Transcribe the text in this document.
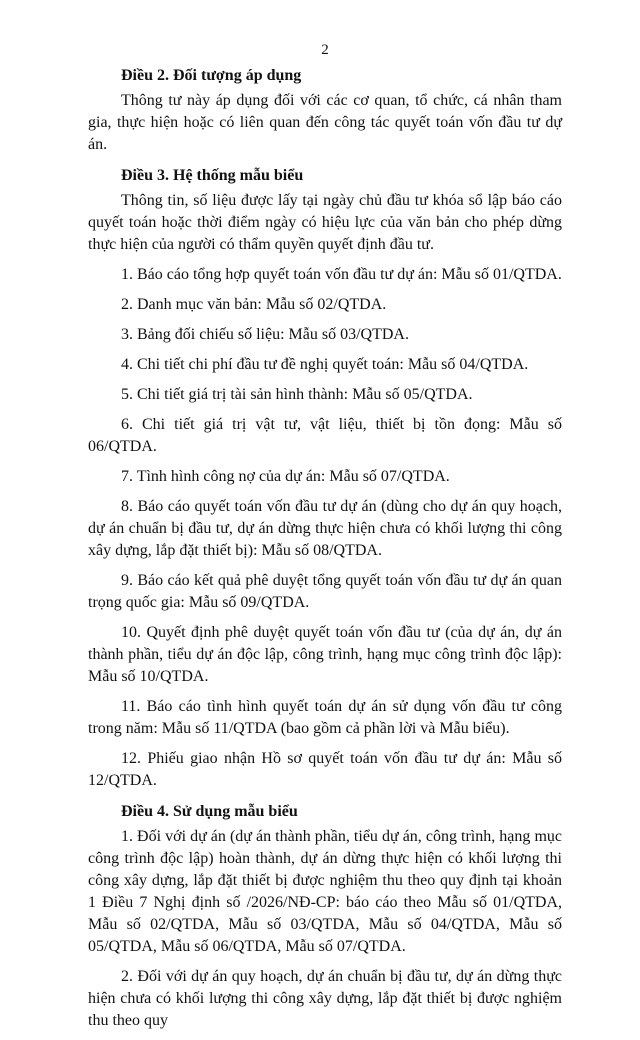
2
Điều 2. Đối tượng áp dụng

Thông tư này áp dụng đối với các cơ quan, tổ chức, cá nhân tham gia, thực hiện hoặc có liên quan đến công tác quyết toán vốn đầu tư dự án.

Điều 3. Hệ thống mẫu biểu

Thông tin, số liệu được lấy tại ngày chủ đầu tư khóa sổ lập báo cáo quyết toán hoặc thời điểm ngày có hiệu lực của văn bản cho phép dừng thực hiện của người có thẩm quyền quyết định đầu tư.

1. Báo cáo tổng hợp quyết toán vốn đầu tư dự án: Mẫu số 01/QTDA.

2. Danh mục văn bản: Mẫu số 02/QTDA.

3. Bảng đối chiếu số liệu: Mẫu số 03/QTDA.

4. Chi tiết chi phí đầu tư đề nghị quyết toán: Mẫu số 04/QTDA.

5. Chi tiết giá trị tài sản hình thành: Mẫu số 05/QTDA.

6. Chi tiết giá trị vật tư, vật liệu, thiết bị tồn đọng: Mẫu số 06/QTDA.

7. Tình hình công nợ của dự án: Mẫu số 07/QTDA.

8. Báo cáo quyết toán vốn đầu tư dự án (dùng cho dự án quy hoạch, dự án chuẩn bị đầu tư, dự án dừng thực hiện chưa có khối lượng thi công xây dựng, lắp đặt thiết bị): Mẫu số 08/QTDA.

9. Báo cáo kết quả phê duyệt tổng quyết toán vốn đầu tư dự án quan trọng quốc gia: Mẫu số 09/QTDA.

10. Quyết định phê duyệt quyết toán vốn đầu tư (của dự án, dự án thành phần, tiểu dự án độc lập, công trình, hạng mục công trình độc lập): Mẫu số 10/QTDA.

11. Báo cáo tình hình quyết toán dự án sử dụng vốn đầu tư công trong năm: Mẫu số 11/QTDA (bao gồm cả phần lời và Mẫu biểu).

12. Phiếu giao nhận Hồ sơ quyết toán vốn đầu tư dự án: Mẫu số 12/QTDA.

Điều 4. Sử dụng mẫu biểu

1. Đối với dự án (dự án thành phần, tiểu dự án, công trình, hạng mục công trình độc lập) hoàn thành, dự án dừng thực hiện có khối lượng thi công xây dựng, lắp đặt thiết bị được nghiệm thu theo quy định tại khoản 1 Điều 7 Nghị định số /2026/NĐ-CP: báo cáo theo Mẫu số 01/QTDA, Mẫu số 02/QTDA, Mẫu số 03/QTDA, Mẫu số 04/QTDA, Mẫu số 05/QTDA, Mẫu số 06/QTDA, Mẫu số 07/QTDA.

2. Đối với dự án quy hoạch, dự án chuẩn bị đầu tư, dự án dừng thực hiện chưa có khối lượng thi công xây dựng, lắp đặt thiết bị được nghiệm thu theo quy
